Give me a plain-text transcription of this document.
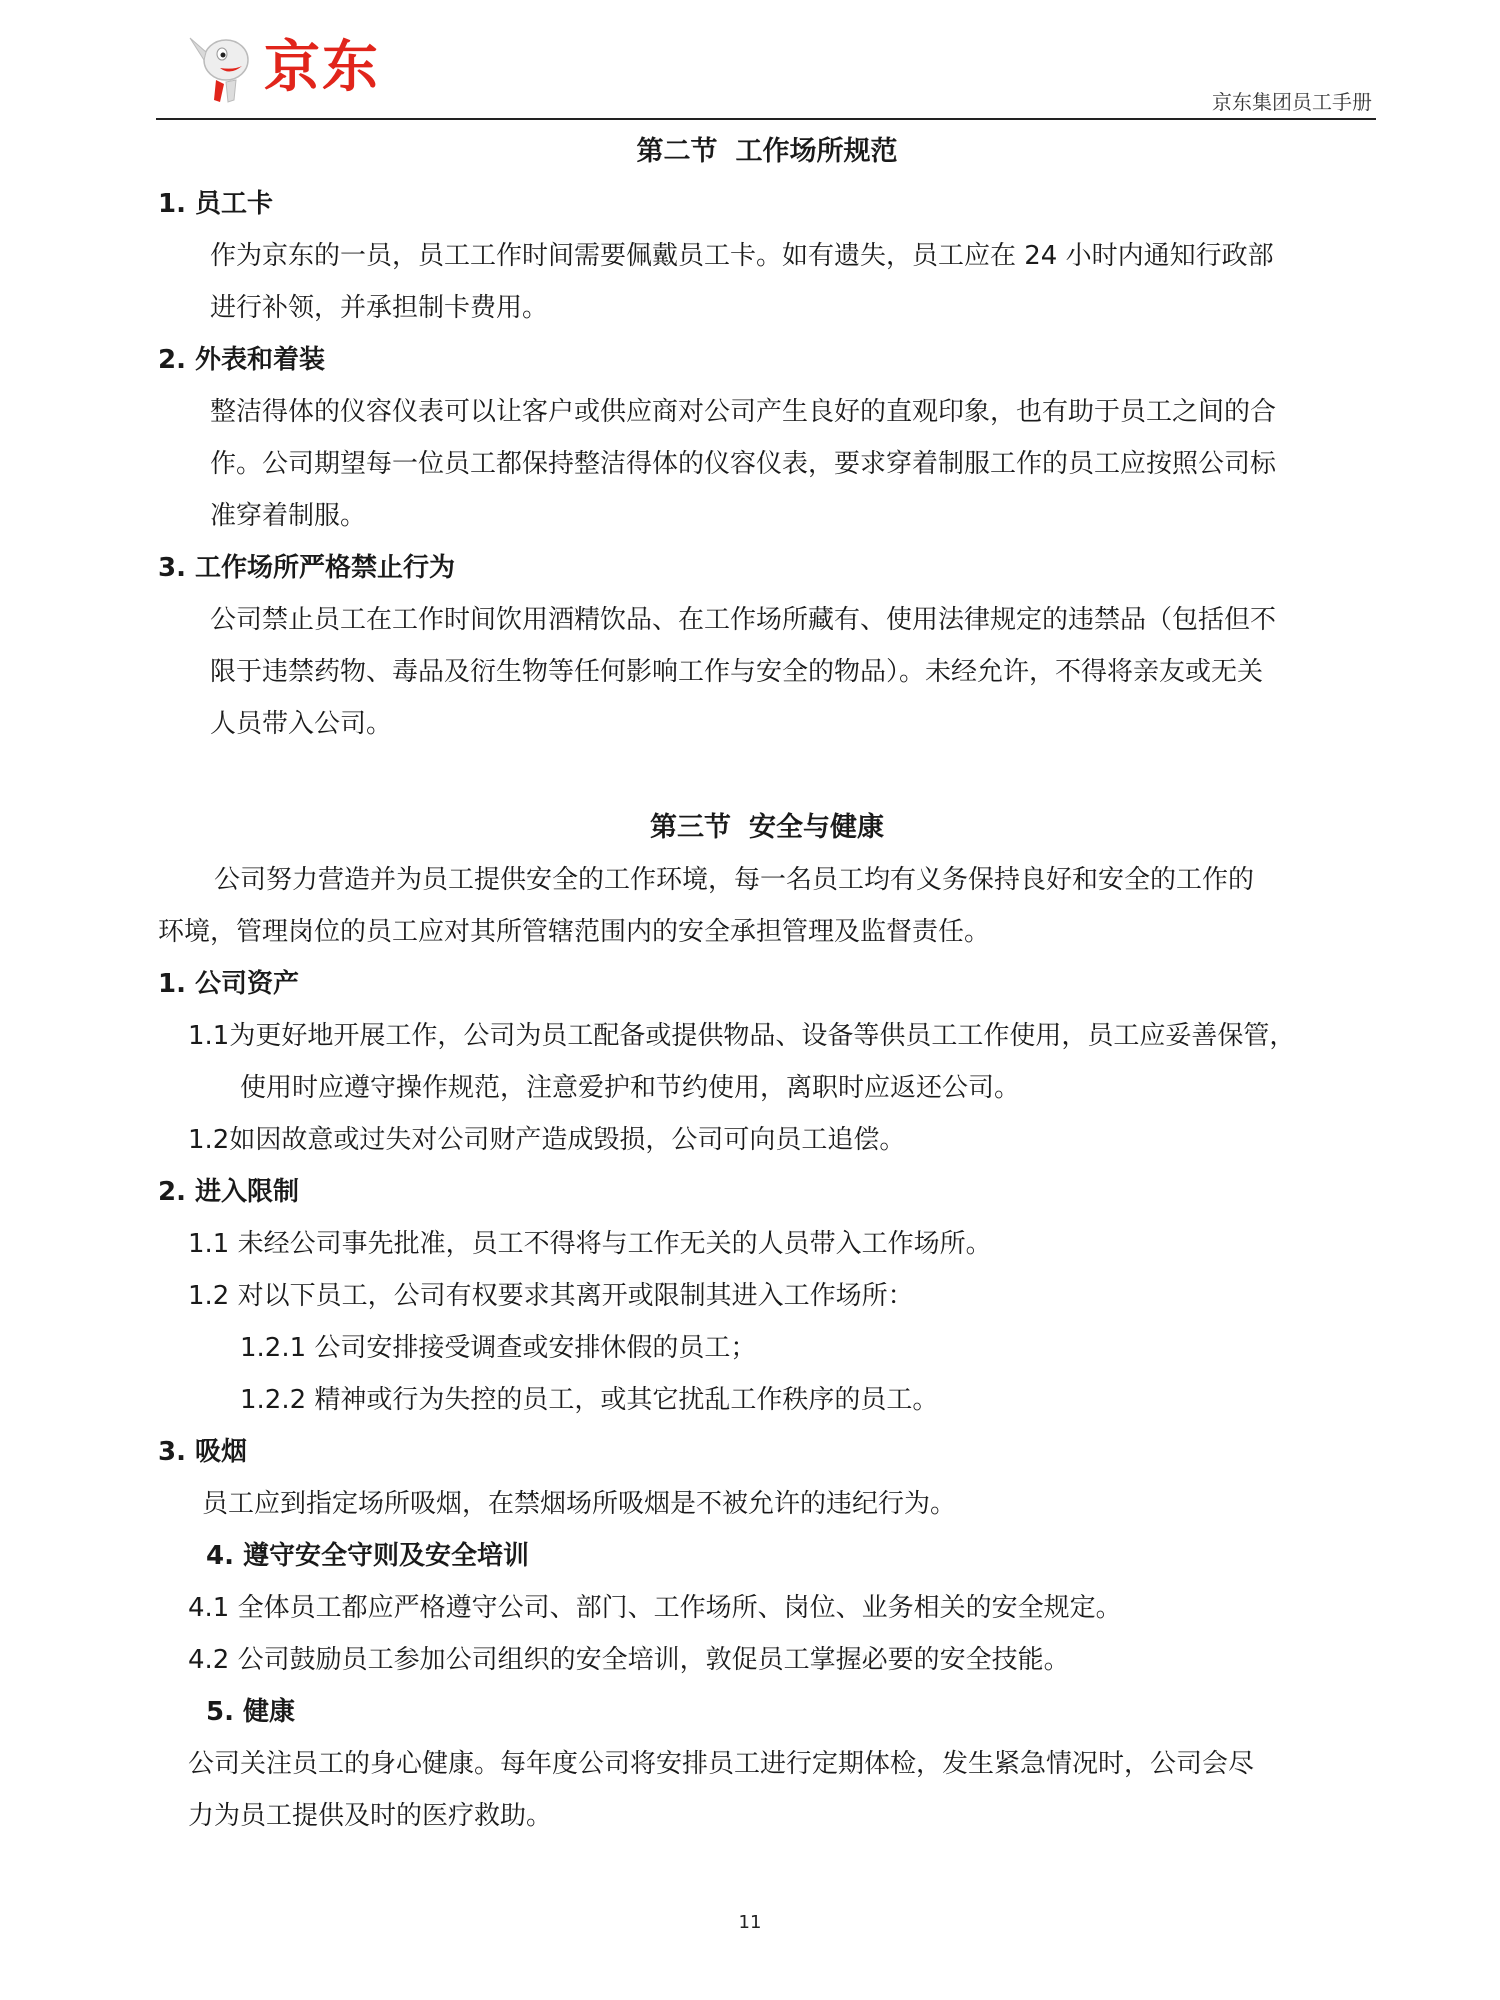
京东
京东集团员工手册
第二节 工作场所规范
1. 员工卡
作为京东的一员，员工工作时间需要佩戴员工卡。如有遗失，员工应在 24 小时内通知行政部
进行补领，并承担制卡费用。
2. 外表和着装
整洁得体的仪容仪表可以让客户或供应商对公司产生良好的直观印象，也有助于员工之间的合
作。公司期望每一位员工都保持整洁得体的仪容仪表，要求穿着制服工作的员工应按照公司标
准穿着制服。
3. 工作场所严格禁止行为
公司禁止员工在工作时间饮用酒精饮品、在工作场所藏有、使用法律规定的违禁品（包括但不
限于违禁药物、毒品及衍生物等任何影响工作与安全的物品）。未经允许，不得将亲友或无关
人员带入公司。
第三节 安全与健康
公司努力营造并为员工提供安全的工作环境，每一名员工均有义务保持良好和安全的工作的
环境，管理岗位的员工应对其所管辖范围内的安全承担管理及监督责任。
1. 公司资产
1.1为更好地开展工作，公司为员工配备或提供物品、设备等供员工工作使用，员工应妥善保管，
使用时应遵守操作规范，注意爱护和节约使用，离职时应返还公司。
1.2如因故意或过失对公司财产造成毁损，公司可向员工追偿。
2. 进入限制
1.1 未经公司事先批准，员工不得将与工作无关的人员带入工作场所。
1.2 对以下员工，公司有权要求其离开或限制其进入工作场所：
1.2.1 公司安排接受调查或安排休假的员工；
1.2.2 精神或行为失控的员工，或其它扰乱工作秩序的员工。
3. 吸烟
员工应到指定场所吸烟，在禁烟场所吸烟是不被允许的违纪行为。
4. 遵守安全守则及安全培训
4.1 全体员工都应严格遵守公司、部门、工作场所、岗位、业务相关的安全规定。
4.2 公司鼓励员工参加公司组织的安全培训，敦促员工掌握必要的安全技能。
5. 健康
公司关注员工的身心健康。每年度公司将安排员工进行定期体检，发生紧急情况时，公司会尽
力为员工提供及时的医疗救助。
11
